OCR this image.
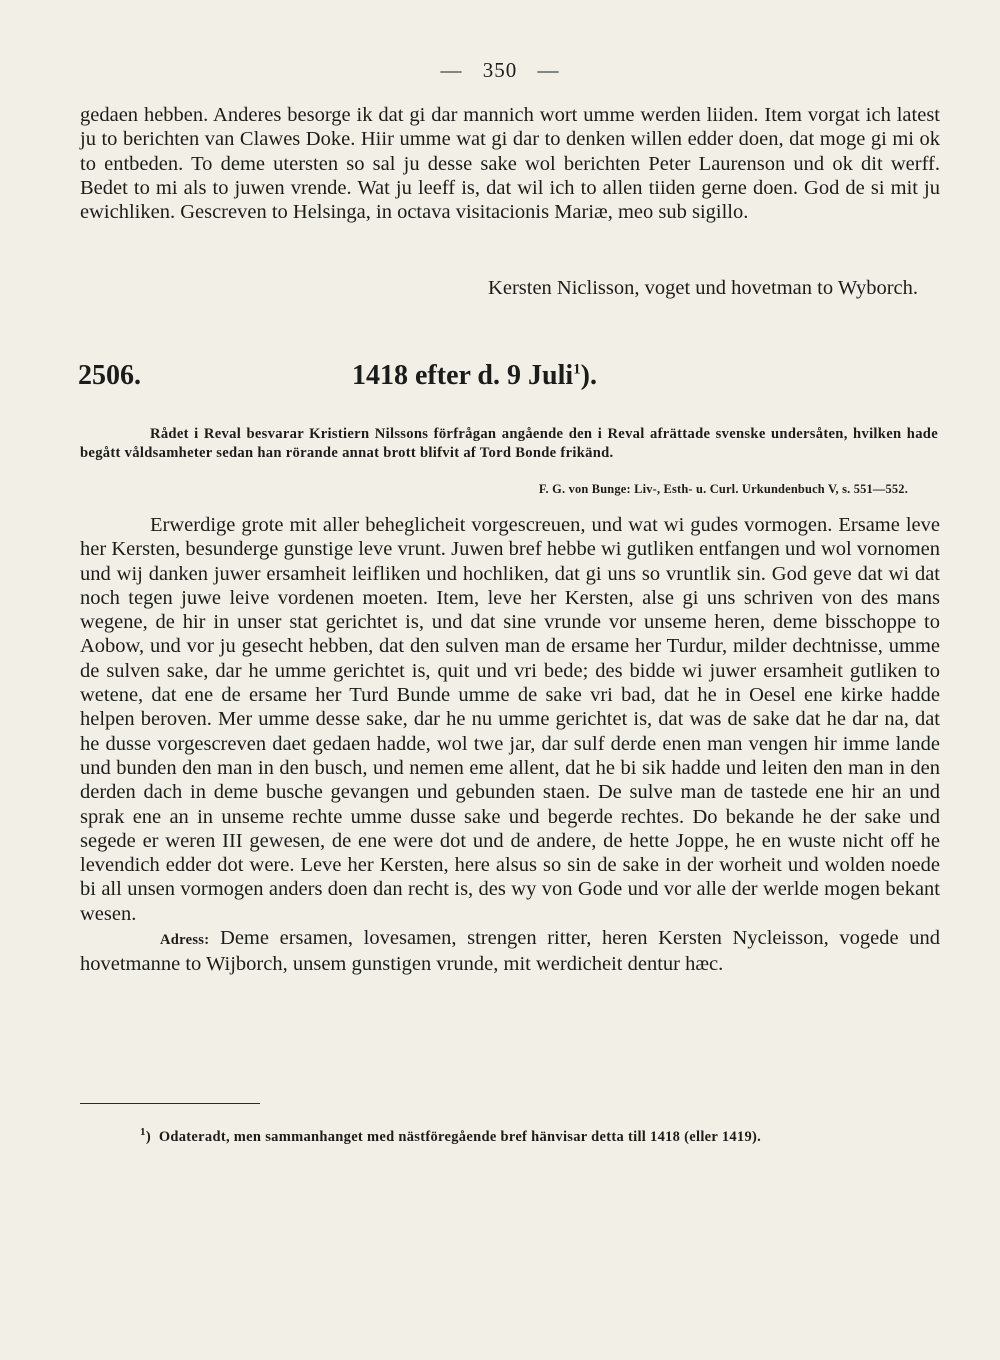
— 350 —

gedaen hebben. Anderes besorge ik dat gi dar mannich wort umme werden liiden. Item vorgat ich latest ju to berichten van Clawes Doke. Hiir umme wat gi dar to denken willen edder doen, dat moge gi mi ok to entbeden. To deme utersten so sal ju desse sake wol berichten Peter Laurenson und ok dit werff. Bedet to mi als to juwen vrende. Wat ju leeff is, dat wil ich to allen tiiden gerne doen. God de si mit ju ewichliken. Gescreven to Helsinga, in octava visitacionis Mariæ, meo sub sigillo.

Kersten Niclisson, voget und hovetman to Wyborch.
2506.	1418 efter d. 9 Juli$^1$).

Rådet i Reval besvarar Kristiern Nilssons förfrågan angående den i Reval afrättade svenske undersåten, hvilken hade begått våldsamheter sedan han rörande annat brott blifvit af Tord Bonde frikänd.

F. G. von Bunge: Liv-, Esth- u. Curl. Urkundenbuch V, s. 551—552.

Erwerdige grote mit aller beheglicheit vorgescreuen, und wat wi gudes vormogen. Ersame leve her Kersten, besunderge gunstige leve vrunt. Juwen bref hebbe wi gutliken entfangen und wol vornomen und wij danken juwer ersamheit leifliken und hochliken, dat gi uns so vruntlik sin. God geve dat wi dat noch tegen juwe leive vordenen moeten. Item, leve her Kersten, alse gi uns schriven von des mans wegene, de hir in unser stat gerichtet is, und dat sine vrunde vor unseme heren, deme bisschoppe to Aobow, und vor ju gesecht hebben, dat den sulven man de ersame her Turdur, milder dechtnisse, umme de sulven sake, dar he umme gerichtet is, quit und vri bede; des bidde wi juwer ersamheit gutliken to wetene, dat ene de ersame her Turd Bunde umme de sake vri bad, dat he in Oesel ene kirke hadde helpen beroven. Mer umme desse sake, dar he nu umme gerichtet is, dat was de sake dat he dar na, dat he dusse vorgescreven daet gedaen hadde, wol twe jar, dar sulf derde enen man vengen hir imme lande und bunden den man in den busch, und nemen eme allent, dat he bi sik hadde und leiten den man in den derden dach in deme busche gevangen und gebunden staen. De sulve man de tastede ene hir an und sprak ene an in unseme rechte umme dusse sake und begerde rechtes. Do bekande he der sake und segede er weren III gewesen, de ene were dot und de andere, de hette Joppe, he en wuste nicht off he levendich edder dot were. Leve her Kersten, here alsus so sin de sake in der worheit und wolden noede bi all unsen vormogen anders doen dan recht is, des wy von Gode und vor alle der werlde mogen bekant wesen.

Adress: Deme ersamen, lovesamen, strengen ritter, heren Kersten Nycleisson, vogede und hovetmanne to Wijborch, unsem gunstigen vrunde, mit werdicheit dentur hæc.

$^1$) Odateradt, men sammanhanget med nästföregående bref hänvisar detta till 1418 (eller 1419).
